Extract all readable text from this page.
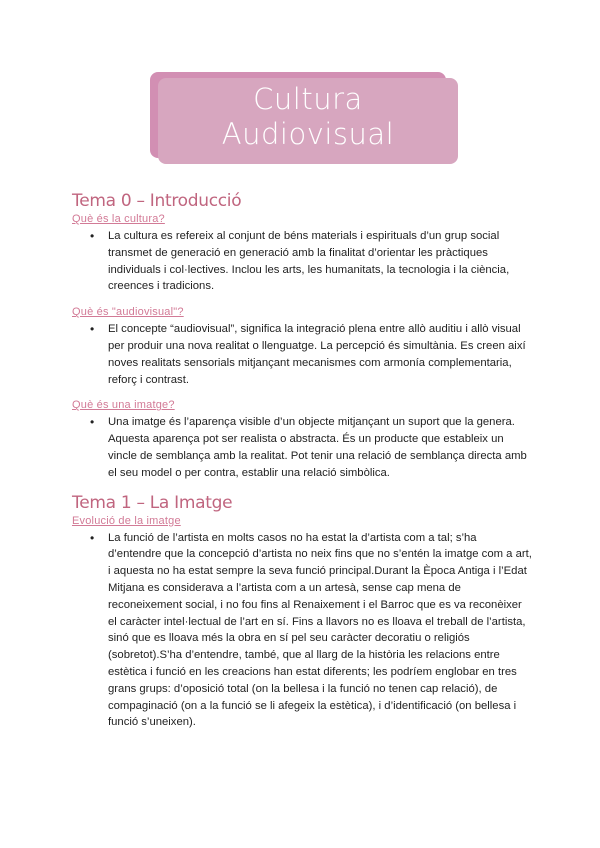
Cultura
Audiovisual
Tema 0 – Introducció

Què és la cultura?

• La cultura es refereix al conjunt de béns materials i espirituals d’un grup social transmet de generació en generació amb la finalitat d’orientar les pràctiques individuals i col·lectives. Inclou les arts, les humanitats, la tecnologia i la ciència, creences i tradicions.

Què és "audiovisual"?

• El concepte “audiovisual”, significa la integració plena entre allò auditiu i allò visual per produir una nova realitat o llenguatge. La percepció és simultània. Es creen així noves realitats sensorials mitjançant mecanismes com armonía complementaria, reforç i contrast.

Què és una imatge?

• Una imatge és l’aparença visible d’un objecte mitjançant un suport que la genera. Aquesta aparença pot ser realista o abstracta. És un producte que estableix un vincle de semblança amb la realitat. Pot tenir una relació de semblança directa amb el seu model o per contra, establir una relació simbòlica.
Tema 1 – La Imatge

Evolució de la imatge

• La funció de l’artista en molts casos no ha estat la d’artista com a tal; s’ha d’entendre que la concepció d’artista no neix fins que no s’entén la imatge com a art, i aquesta no ha estat sempre la seva funció principal.Durant la Època Antiga i l’Edat Mitjana es considerava a l’artista com a un artesà, sense cap mena de reconeixement social, i no fou fins al Renaixement i el Barroc que es va reconèixer el caràcter intel·lectual de l’art en sí. Fins a llavors no es lloava el treball de l’artista, sinó que es lloava més la obra en sí pel seu caràcter decoratiu o religiós (sobretot).S’ha d’entendre, també, que al llarg de la història les relacions entre estètica i funció en les creacions han estat diferents; les podríem englobar en tres grans grups: d’oposició total (on la bellesa i la funció no tenen cap relació), de compaginació (on a la funció se li afegeix la estètica), i d’identificació (on bellesa i funció s’uneixen).
